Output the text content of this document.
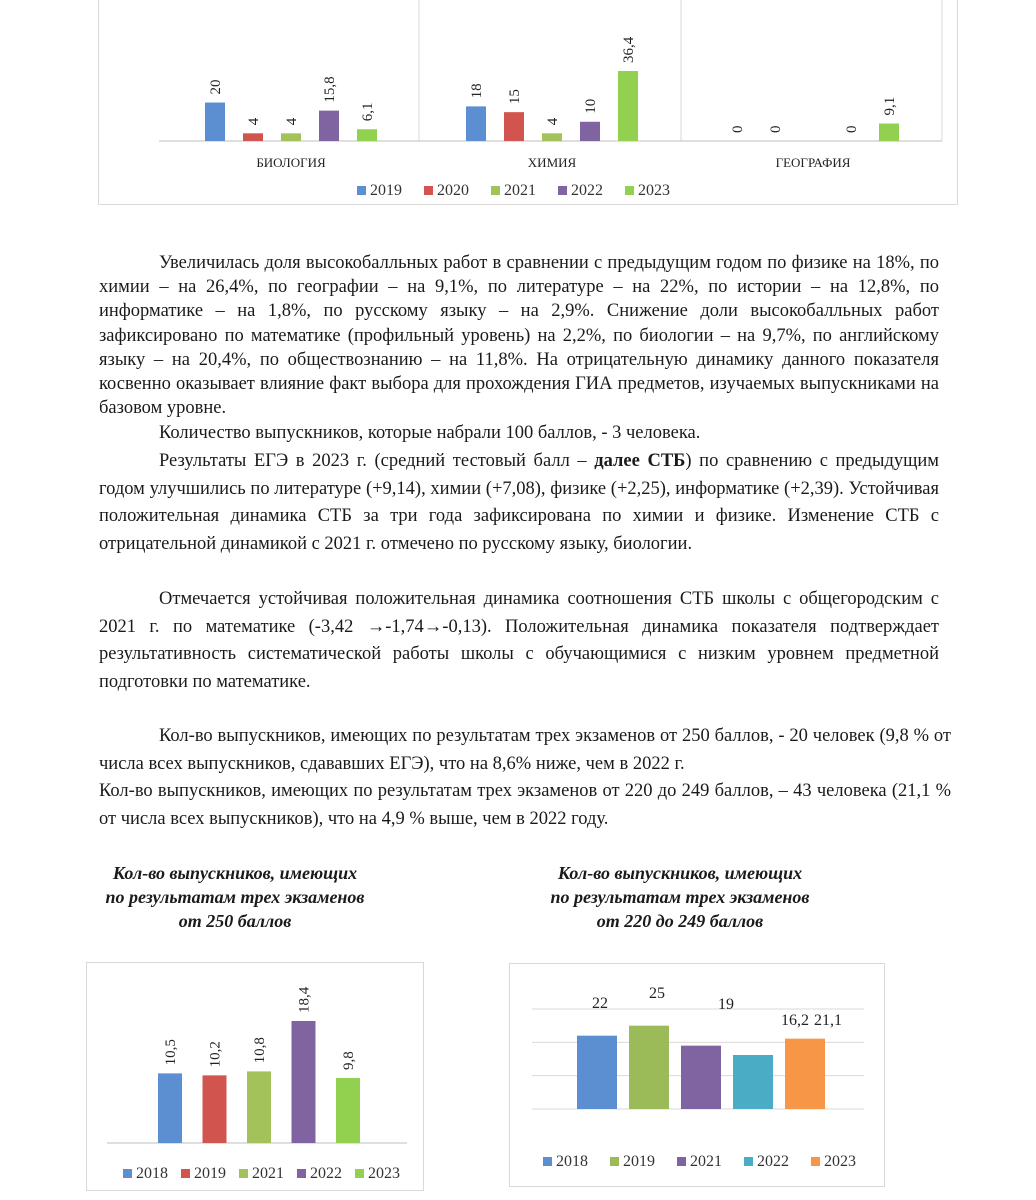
20
4 4
15,8
6,1
БИОЛОГИЯ
18 15
4
10
36,4
ХИМИЯ
0 0	0
9,1
ГЕОГРАФИЯ
2019 2020 2021 2022 2023

Увеличилась доля высокобалльных работ в сравнении с предыдущим годом по физике на 18%, по химии – на 26,4%, по географии – на 9,1%, по литературе – на 22%, по истории – на 12,8%, по информатике – на 1,8%, по русскому языку – на 2,9%. Снижение доли высокобалльных работ зафиксировано по математике (профильный уровень) на 2,2%, по биологии – на 9,7%, по английскому языку – на 20,4%, по обществознанию – на 11,8%. На отрицательную динамику данного показателя косвенно оказывает влияние факт выбора для прохождения ГИА предметов, изучаемых выпускниками на базовом уровне.

Количество выпускников, которые набрали 100 баллов, - 3 человека.

Результаты ЕГЭ в 2023 г. (средний тестовый балл – далее СТБ) по сравнению с предыдущим годом улучшились по литературе (+9,14), химии (+7,08), физике (+2,25), информатике (+2,39). Устойчивая положительная динамика СТБ за три года зафиксирована по химии и физике. Изменение СТБ с отрицательной динамикой с 2021 г. отмечено по русскому языку, биологии.

Отмечается устойчивая положительная динамика соотношения СТБ школы с общегородским с 2021 г. по математике (-3,42 →-1,74→-0,13). Положительная динамика показателя подтверждает результативность систематической работы школы с обучающимися с низким уровнем предметной подготовки по математике.

Кол-во выпускников, имеющих по результатам трех экзаменов от 250 баллов, - 20 человек (9,8 % от числа всех выпускников, сдававших ЕГЭ), что на 8,6% ниже, чем в 2022 г.

Кол-во выпускников, имеющих по результатам трех экзаменов от 220 до 249 баллов, – 43 человека (21,1 % от числа всех выпускников), что на 4,9 % выше, чем в 2022 году.

Кол-во выпускников, имеющих
по результатам трех экзаменов
от 250 баллов
Кол-во выпускников, имеющих
по результатам трех экзаменов
от 220 до 249 баллов
10,5 10,2 10,8
18,4
9,8
2018 2019 2021 2022 2023
22
25
19
16,2 21,1
2018 2019 2021 2022 2023
